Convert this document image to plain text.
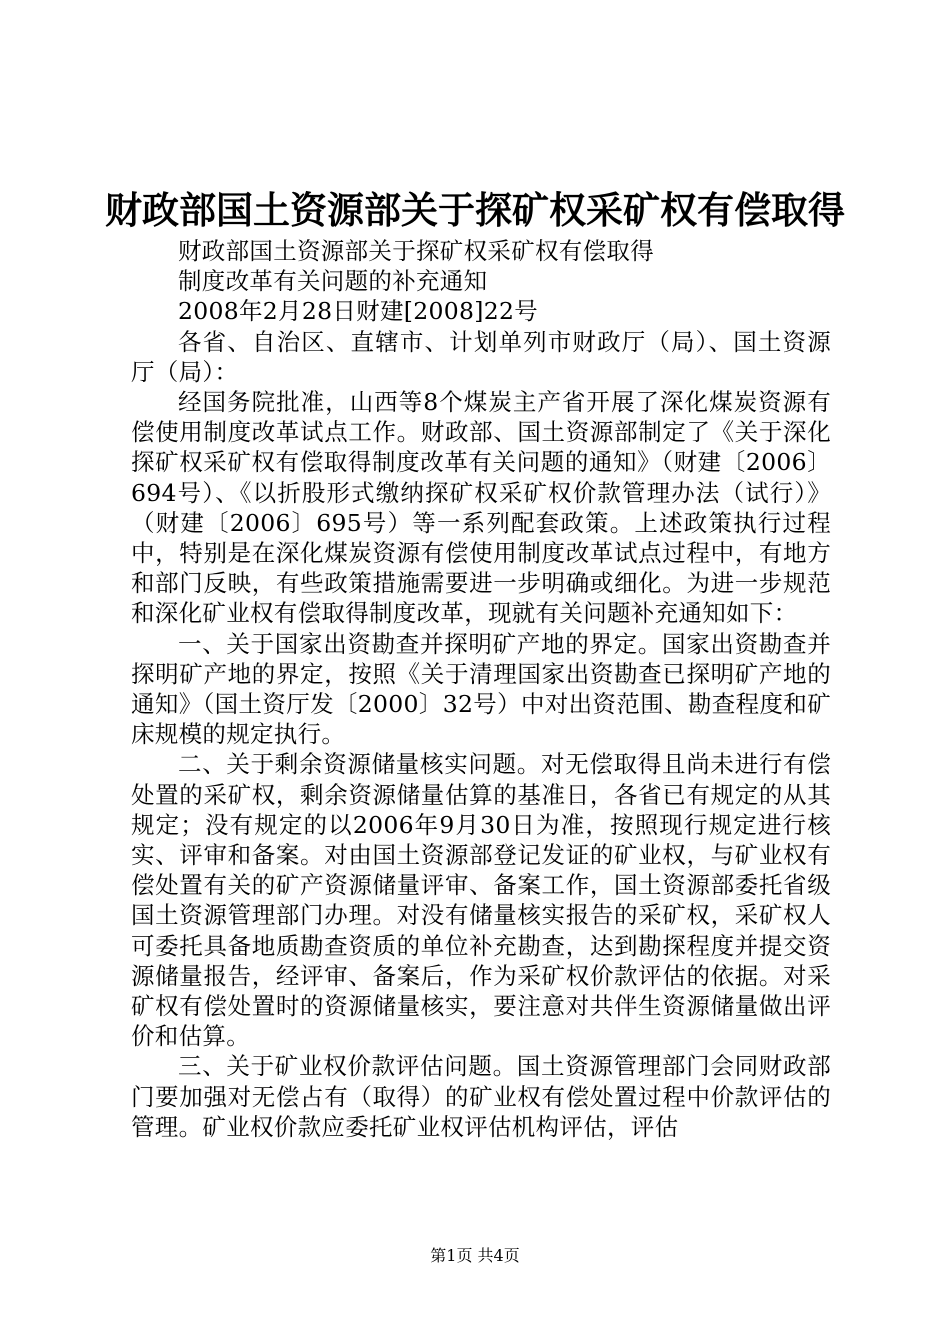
财政部国土资源部关于探矿权采矿权有偿取得

财政部国土资源部关于探矿权采矿权有偿取得

制度改革有关问题的补充通知

2008年2月28日财建[2008]22号

各省、自治区、直辖市、计划单列市财政厅（局）、国土资源厅（局）：

经国务院批准，山西等8个煤炭主产省开展了深化煤炭资源有偿使用制度改革试点工作。财政部、国土资源部制定了《关于深化探矿权采矿权有偿取得制度改革有关问题的通知》（财建〔2006〕694号）、《以折股形式缴纳探矿权采矿权价款管理办法（试行）》（财建〔2006〕695号）等一系列配套政策。上述政策执行过程中，特别是在深化煤炭资源有偿使用制度改革试点过程中，有地方和部门反映，有些政策措施需要进一步明确或细化。为进一步规范和深化矿业权有偿取得制度改革，现就有关问题补充通知如下：

一、关于国家出资勘查并探明矿产地的界定。国家出资勘查并探明矿产地的界定，按照《关于清理国家出资勘查已探明矿产地的通知》（国土资厅发〔2000〕32号）中对出资范围、勘查程度和矿床规模的规定执行。

二、关于剩余资源储量核实问题。对无偿取得且尚未进行有偿处置的采矿权，剩余资源储量估算的基准日，各省已有规定的从其规定；没有规定的以2006年9月30日为准，按照现行规定进行核实、评审和备案。对由国土资源部登记发证的矿业权，与矿业权有偿处置有关的矿产资源储量评审、备案工作，国土资源部委托省级国土资源管理部门办理。对没有储量核实报告的采矿权，采矿权人可委托具备地质勘查资质的单位补充勘查，达到勘探程度并提交资源储量报告，经评审、备案后，作为采矿权价款评估的依据。对采矿权有偿处置时的资源储量核实，要注意对共伴生资源储量做出评价和估算。

三、关于矿业权价款评估问题。国土资源管理部门会同财政部门要加强对无偿占有（取得）的矿业权有偿处置过程中价款评估的管理。矿业权价款应委托矿业权评估机构评估，评估

第1页 共4页
